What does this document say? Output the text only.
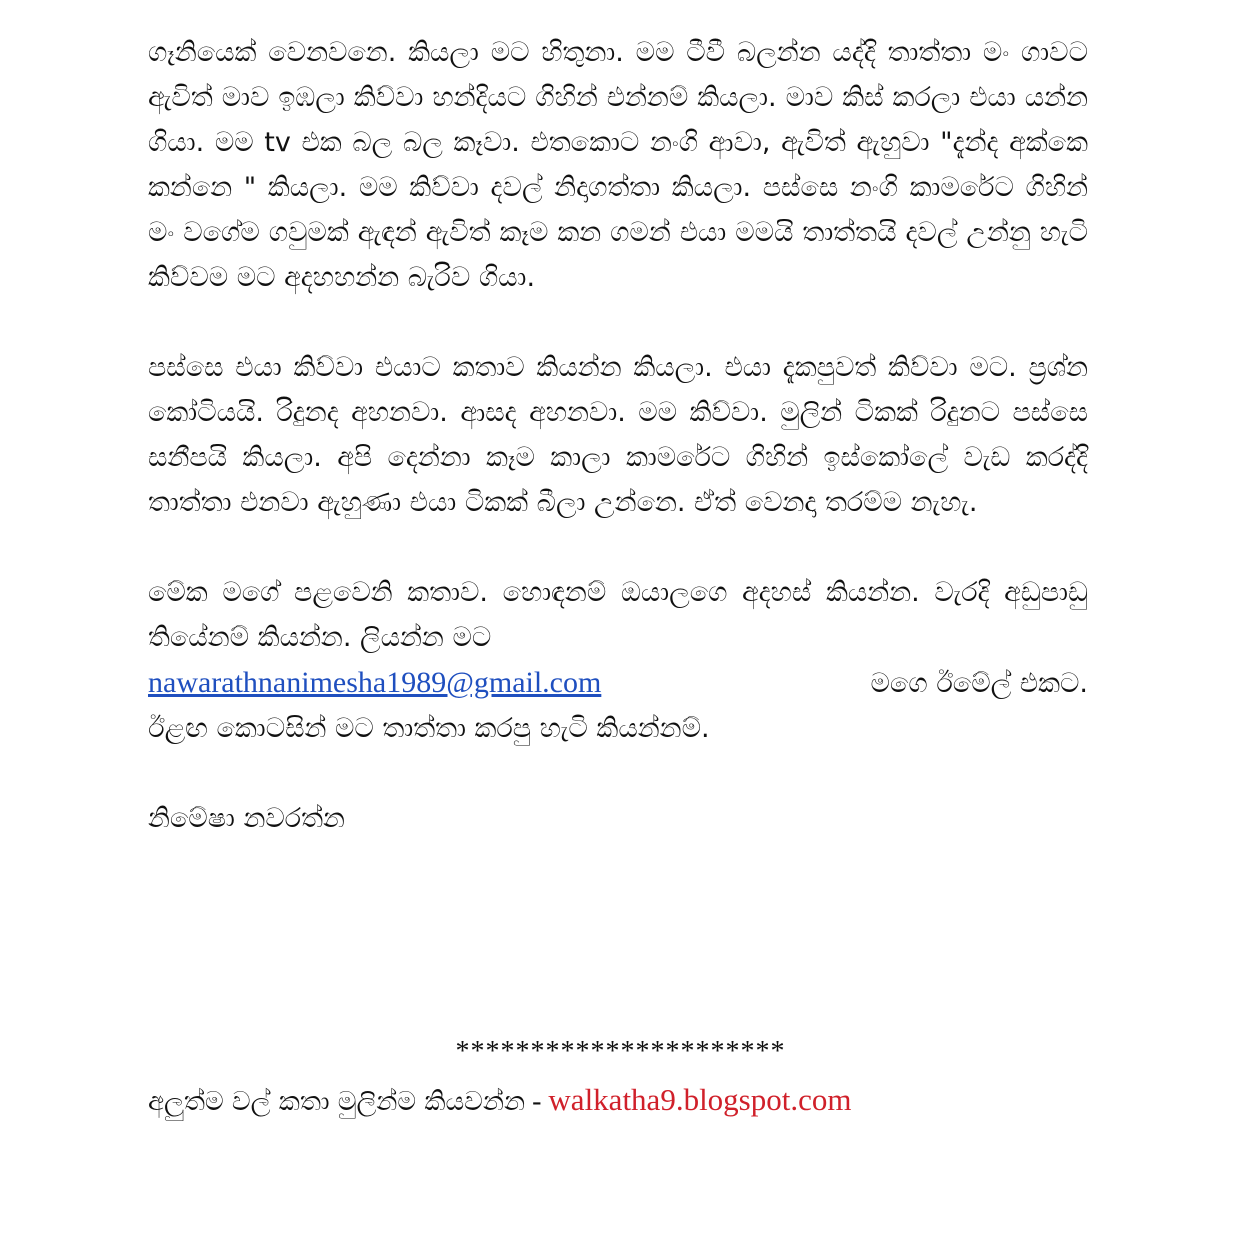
ගෑනියෙක් වෙනවනෙ. කියලා මට හිතුනා. මම ටීවී බලන්න යද්දි තාත්තා මං ගාවට ඇවිත් මාව ඉඹලා කිව්වා හන්දියට ගිහින් එන්නම් කියලා. මාව කිස් කරලා එයා යන්න ගියා. මම tv එක බල බල කෑවා. එතකොට නංගි ආවා, ඇවිත් ඇහුවා "දැන්ද අක්කෙ කන්නෙ " කියලා. මම කිව්වා දවල් නිදාගත්තා කියලා. පස්සෙ නංගි කාමරේට ගිහින් මං වගේම ගවුමක් ඇඳන් ඇවිත් කෑම කන ගමන් එයා මමයි තාත්තයි දවල් උන්නු හැටි කිව්වම මට අදහහන්න බැරිව ගියා.

පස්සෙ එයා කිව්වා එයාට කතාව කියන්න කියලා. එයා දැකපුවත් කිව්වා මට. ප්‍රශ්න කෝටියයි. රිදුනද අහනවා. ආසද අහනවා. මම කිව්වා. මුලින් ටිකක් රිදුනට පස්සෙ සනීපයි කියලා. අපි දෙන්නා කෑම කාලා කාමරේට ගිහින් ඉස්කෝලේ වැඩ කරද්දි තාත්තා එනවා ඇහුණා එයා ටිකක් බීලා උන්නෙ. ඒත් වෙනදා තරම්ම නැහැ.

මේක මගේ පළවෙනි කතාව. හොඳනම් ඔයාලගෙ අදහස් කියන්න. වැරදි අඩුපාඩු තියේනම් කියන්න. ලියන්න මට

nawarathnanimesha1989@gmail.com	මගෙ ඊමේල් එකට.
ඊළඟ කොටසින් මට තාත්තා කරපු හැටි කියන්නම්.
නිමේෂා නවරත්න
**********************
අලුත්ම වල් කතා මුලින්ම කියවන්න - walkatha9.blogspot.com
